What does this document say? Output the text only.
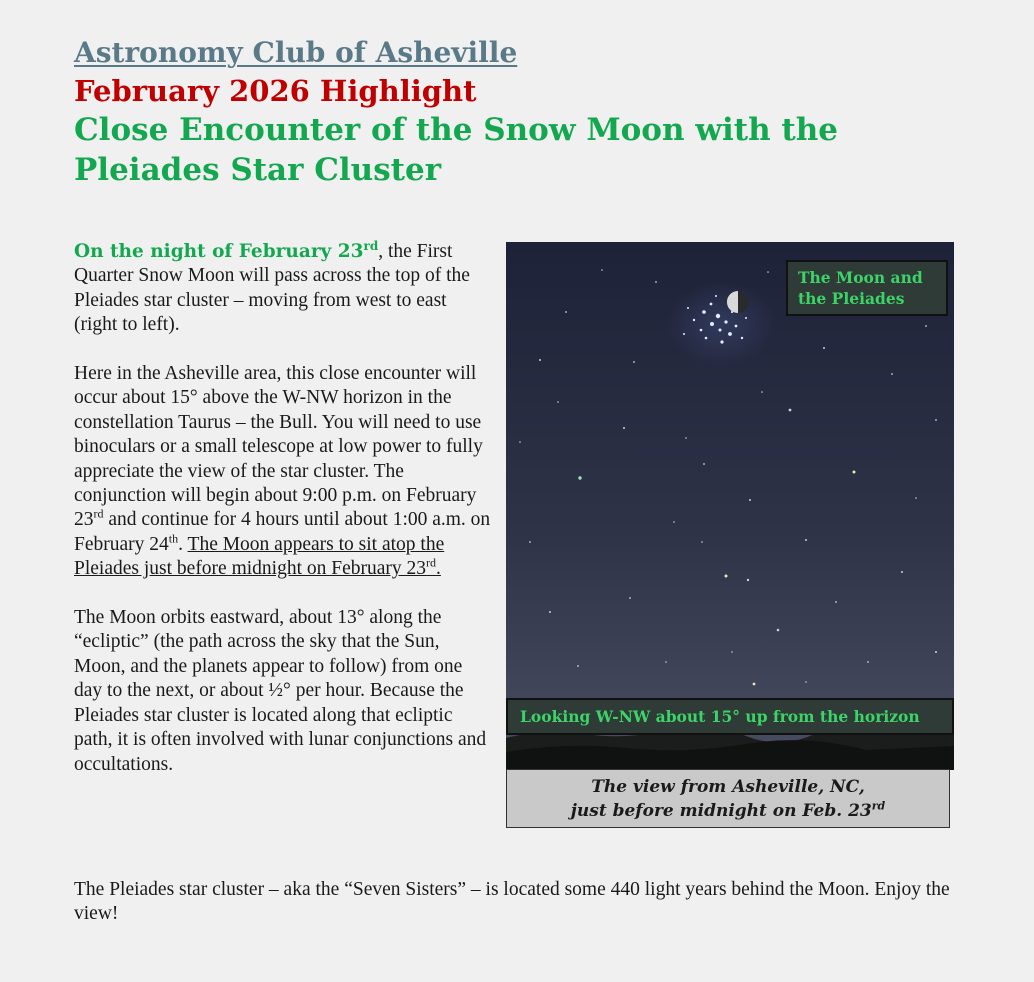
Astronomy Club of Asheville
February 2026 Highlight
Close Encounter of the Snow Moon with the Pleiades Star Cluster

On the night of February 23rd, the First Quarter Snow Moon will pass across the top of the Pleiades star cluster – moving from west to east (right to left).

Here in the Asheville area, this close encounter will occur about 15° above the W-NW horizon in the constellation Taurus – the Bull. You will need to use binoculars or a small telescope at low power to fully appreciate the view of the star cluster. The conjunction will begin about 9:00 p.m. on February 23rd and continue for 4 hours until about 1:00 a.m. on February 24th. The Moon appears to sit atop the Pleiades just before midnight on February 23rd.

The Moon orbits eastward, about 13° along the “ecliptic” (the path across the sky that the Sun, Moon, and the planets appear to follow) from one day to the next, or about ½° per hour. Because the Pleiades star cluster is located along that ecliptic path, it is often involved with lunar conjunctions and occultations.

The Pleiades star cluster – aka the “Seven Sisters” – is located some 440 light years behind the Moon. Enjoy the view!

The Moon and the Pleiades
Looking W-NW about 15° up from the horizon
The view from Asheville, NC,
just before midnight on Feb. 23rd
